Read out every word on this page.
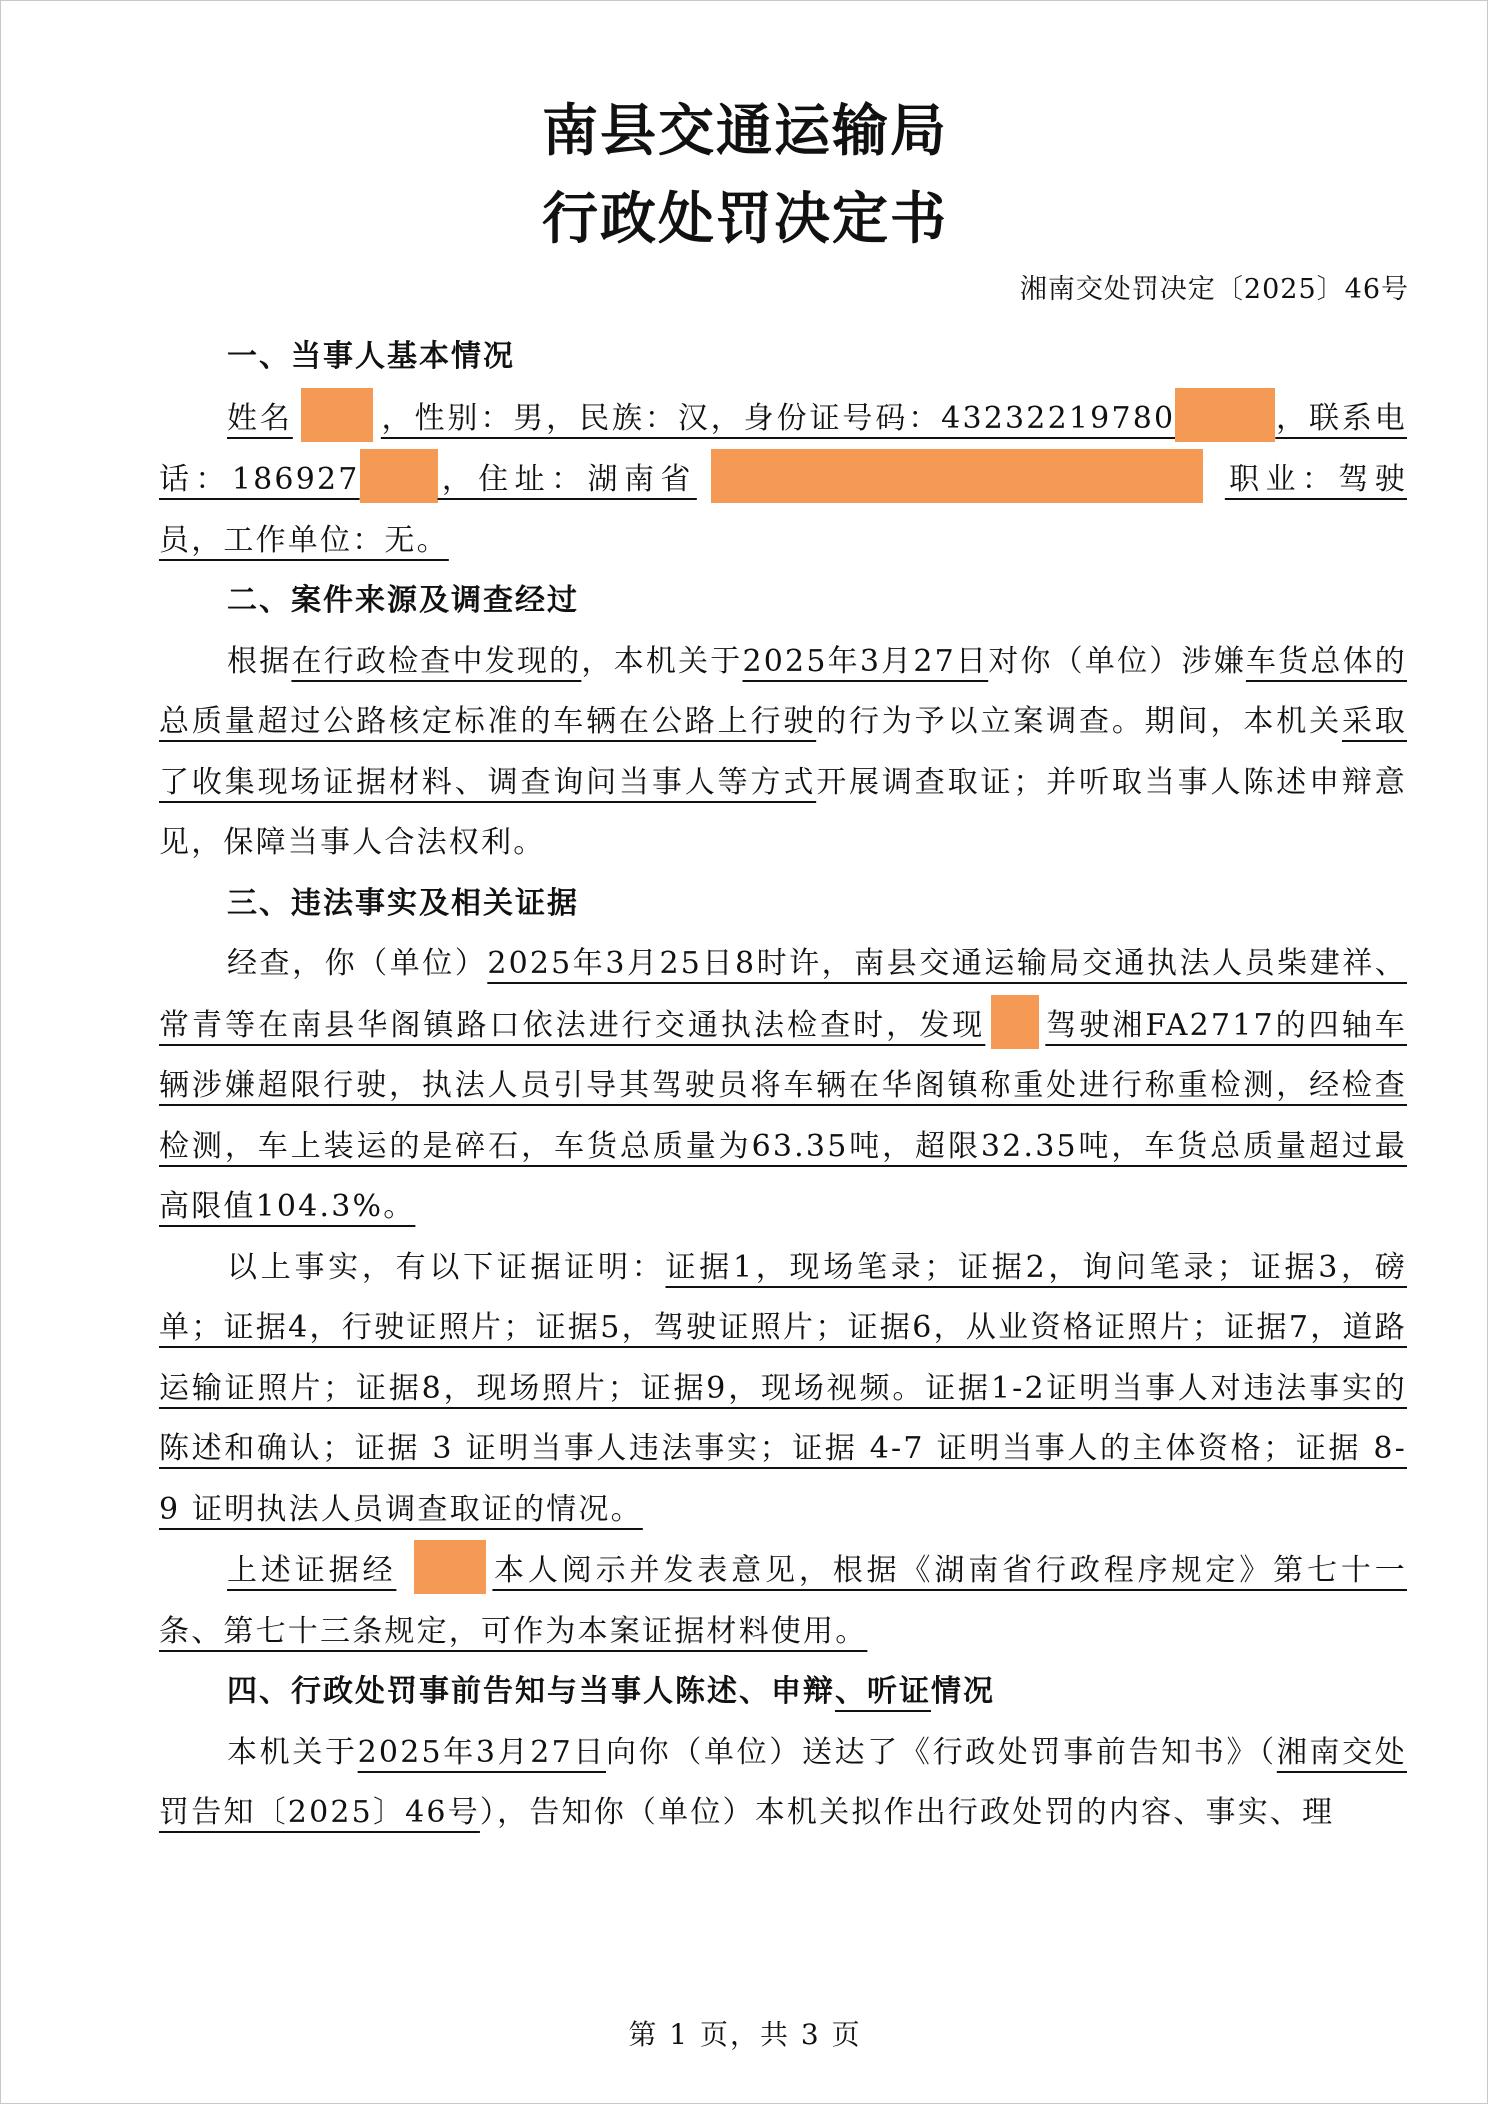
南县交通运输局
行政处罚决定书
湘南交处罚决定〔2025〕46号

一、当事人基本情况

姓名	，性别：男，民族：汉，身份证号码：43232219780	，联系电话：186927	，住址：湖南省	职业：驾驶员，工作单位：无。

二、案件来源及调查经过

根据在行政检查中发现的，本机关于2025年3月27日对你（单位）涉嫌车货总体的总质量超过公路核定标准的车辆在公路上行驶的行为予以立案调查。期间，本机关采取了收集现场证据材料、调查询问当事人等方式开展调查取证；并听取当事人陈述申辩意见，保障当事人合法权利。

三、违法事实及相关证据

经查，你（单位）2025年3月25日8时许，南县交通运输局交通执法人员柴建祥、常青等在南县华阁镇路口依法进行交通执法检查时，发现 驾驶湘FA2717的四轴车辆涉嫌超限行驶，执法人员引导其驾驶员将车辆在华阁镇称重处进行称重检测，经检查检测，车上装运的是碎石，车货总质量为63.35吨，超限32.35吨，车货总质量超过最高限值104.3%。

以上事实，有以下证据证明：证据1，现场笔录；证据2，询问笔录；证据3，磅单；证据4，行驶证照片；证据5，驾驶证照片；证据6，从业资格证照片；证据7，道路运输证照片；证据8，现场照片；证据9，现场视频。证据1-2证明当事人对违法事实的陈述和确认；证据 3 证明当事人违法事实；证据 4-7 证明当事人的主体资格；证据 8-9 证明执法人员调查取证的情况。

上述证据经	本人阅示并发表意见，根据《湖南省行政程序规定》第七十一条、第七十三条规定，可作为本案证据材料使用。

四、行政处罚事前告知与当事人陈述、申辩、听证情况

本机关于2025年3月27日向你（单位）送达了《行政处罚事前告知书》（湘南交处罚告知〔2025〕46号），告知你（单位）本机关拟作出行政处罚的内容、事实、理

第 1 页，共 3 页
